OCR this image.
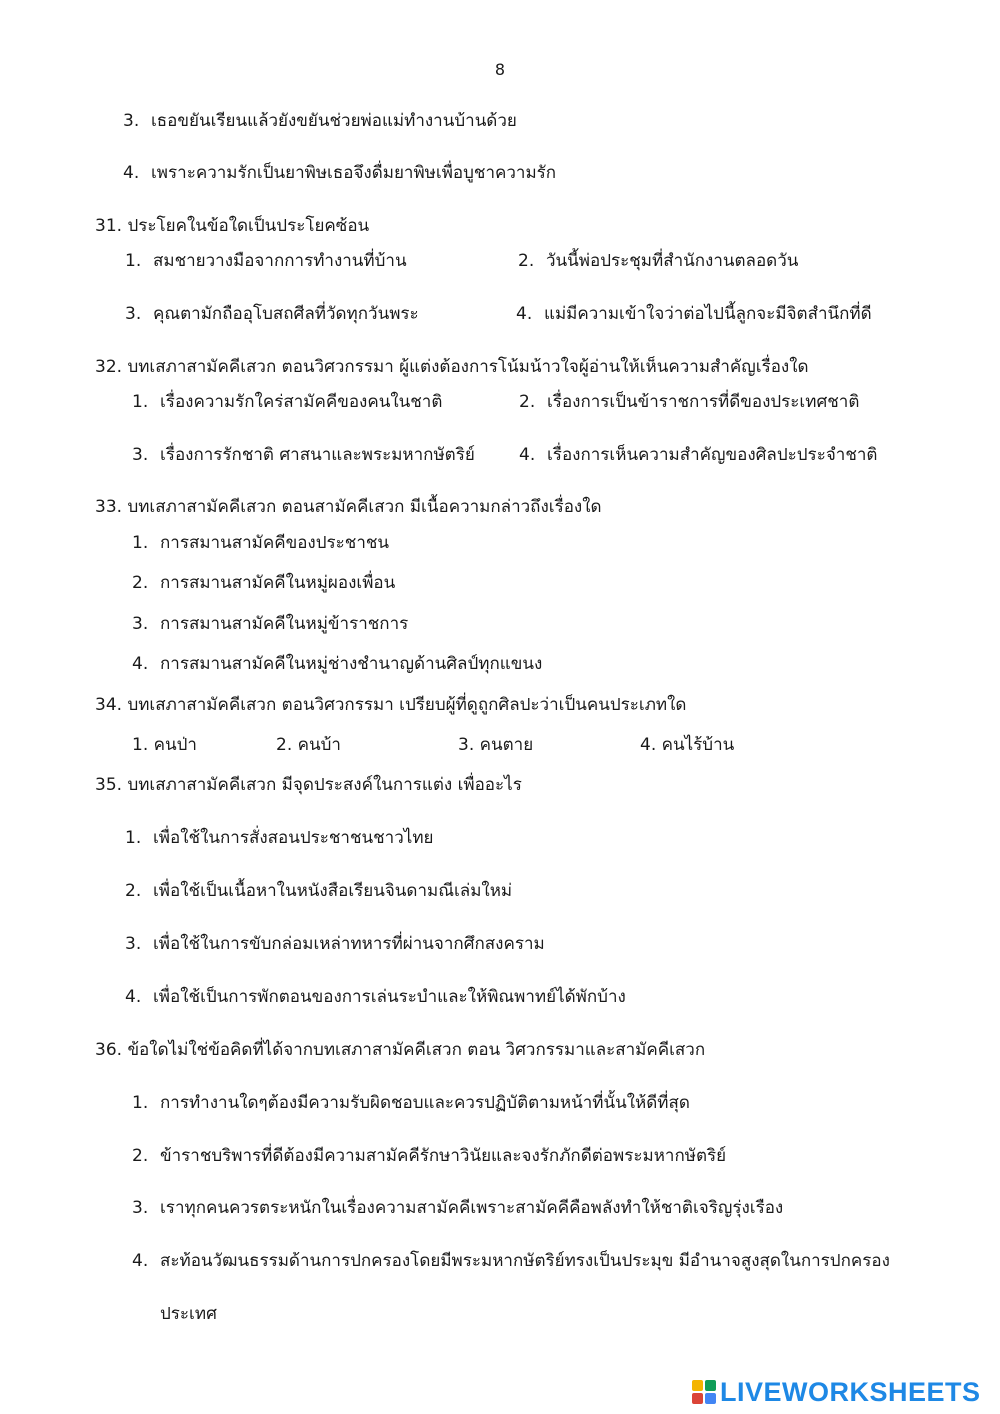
8
3. เธอขยันเรียนแล้วยังขยันช่วยพ่อแม่ทำงานบ้านด้วย
4. เพราะความรักเป็นยาพิษเธอจึงดื่มยาพิษเพื่อบูชาความรัก
31. ประโยคในข้อใดเป็นประโยคซ้อน
1. สมชายวางมือจากการทำงานที่บ้าน	2. วันนี้พ่อประชุมที่สำนักงานตลอดวัน
3. คุณตามักถืออุโบสถศีลที่วัดทุกวันพระ	4. แม่มีความเข้าใจว่าต่อไปนี้ลูกจะมีจิตสำนึกที่ดี
32. บทเสภาสามัคคีเสวก ตอนวิศวกรรมา ผู้แต่งต้องการโน้มน้าวใจผู้อ่านให้เห็นความสำคัญเรื่องใด
1. เรื่องความรักใคร่สามัคคีของคนในชาติ	2. เรื่องการเป็นข้าราชการที่ดีของประเทศชาติ
3. เรื่องการรักชาติ ศาสนาและพระมหากษัตริย์	4. เรื่องการเห็นความสำคัญของศิลปะประจำชาติ
33. บทเสภาสามัคคีเสวก ตอนสามัคคีเสวก มีเนื้อความกล่าวถึงเรื่องใด
1. การสมานสามัคคีของประชาชน
2. การสมานสามัคคีในหมู่ผองเพื่อน
3. การสมานสามัคคีในหมู่ข้าราชการ
4. การสมานสามัคคีในหมู่ช่างชำนาญด้านศิลป์ทุกแขนง
34. บทเสภาสามัคคีเสวก ตอนวิศวกรรมา เปรียบผู้ที่ดูถูกศิลปะว่าเป็นคนประเภทใด
1. คนป่า	2. คนบ้า	3. คนตาย	4. คนไร้บ้าน
35. บทเสภาสามัคคีเสวก มีจุดประสงค์ในการแต่ง เพื่ออะไร
1. เพื่อใช้ในการสั่งสอนประชาชนชาวไทย
2. เพื่อใช้เป็นเนื้อหาในหนังสือเรียนจินดามณีเล่มใหม่
3. เพื่อใช้ในการขับกล่อมเหล่าทหารที่ผ่านจากศึกสงคราม
4. เพื่อใช้เป็นการพักตอนของการเล่นระบำและให้พิณพาทย์ได้พักบ้าง
36. ข้อใดไม่ใช่ข้อคิดที่ได้จากบทเสภาสามัคคีเสวก ตอน วิศวกรรมาและสามัคคีเสวก
1. การทำงานใดๆต้องมีความรับผิดชอบและควรปฏิบัติตามหน้าที่นั้นให้ดีที่สุด
2. ข้าราชบริพารที่ดีต้องมีความสามัคคีรักษาวินัยและจงรักภักดีต่อพระมหากษัตริย์
3. เราทุกคนควรตระหนักในเรื่องความสามัคคีเพราะสามัคคีคือพลังทำให้ชาติเจริญรุ่งเรือง
4. สะท้อนวัฒนธรรมด้านการปกครองโดยมีพระมหากษัตริย์ทรงเป็นประมุข มีอำนาจสูงสุดในการปกครอง
ประเทศ
LIVEWORKSHEETS
